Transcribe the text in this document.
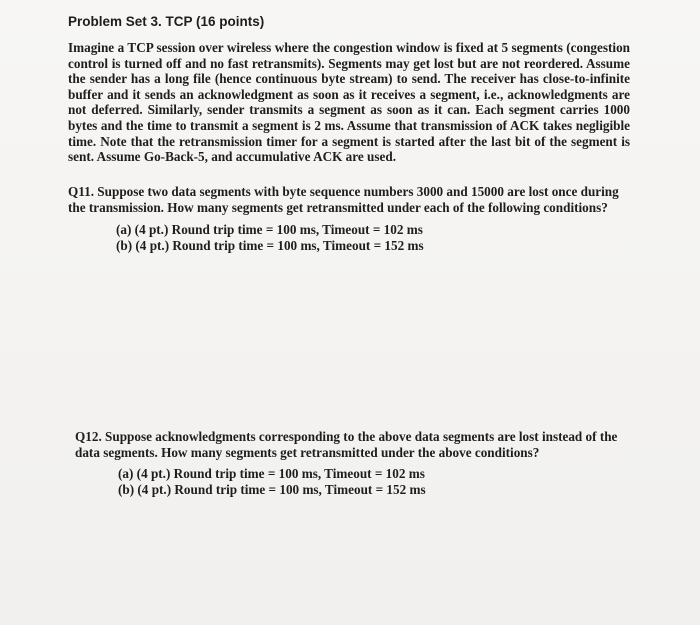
Problem Set 3. TCP (16 points)
Imagine a TCP session over wireless where the congestion window is fixed at 5 segments (congestion control is turned off and no fast retransmits). Segments may get lost but are not reordered. Assume the sender has a long file (hence continuous byte stream) to send. The receiver has close-to-infinite buffer and it sends an acknowledgment as soon as it receives a segment, i.e., acknowledgments are not deferred. Similarly, sender transmits a segment as soon as it can. Each segment carries 1000 bytes and the time to transmit a segment is 2 ms. Assume that transmission of ACK takes negligible time. Note that the retransmission timer for a segment is started after the last bit of the segment is sent. Assume Go-Back-5, and accumulative ACK are used.
Q11. Suppose two data segments with byte sequence numbers 3000 and 15000 are lost once during the transmission. How many segments get retransmitted under each of the following conditions?
(a) (4 pt.) Round trip time = 100 ms, Timeout = 102 ms
(b) (4 pt.) Round trip time = 100 ms, Timeout = 152 ms
Q12. Suppose acknowledgments corresponding to the above data segments are lost instead of the data segments. How many segments get retransmitted under the above conditions?
(a) (4 pt.) Round trip time = 100 ms, Timeout = 102 ms
(b) (4 pt.) Round trip time = 100 ms, Timeout = 152 ms
